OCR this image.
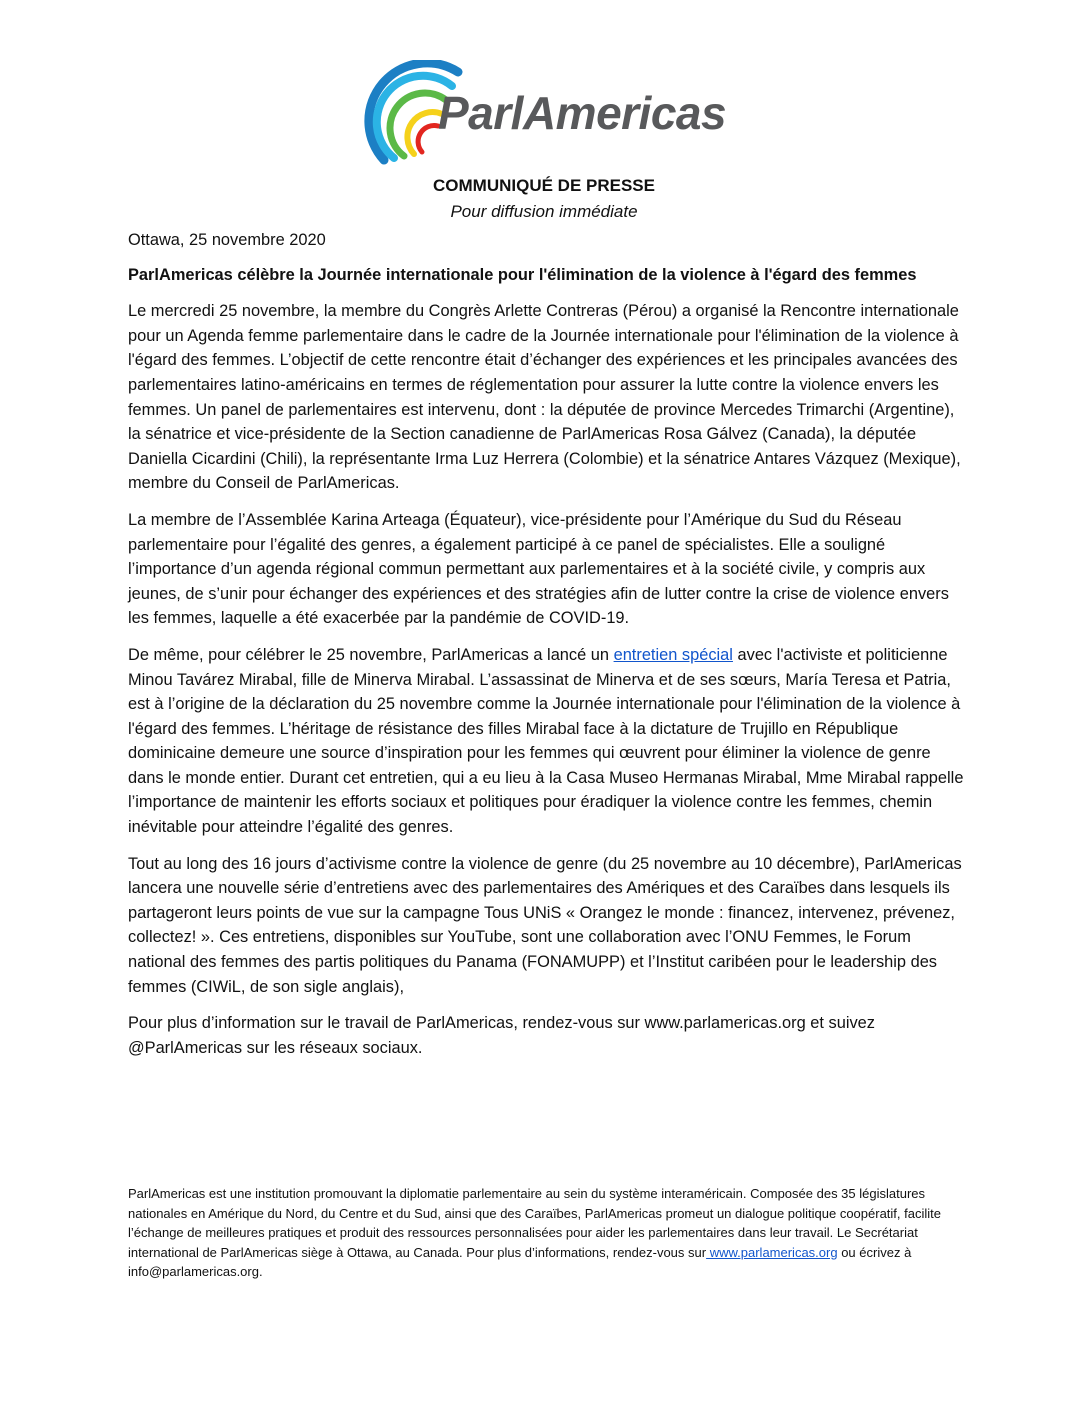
ParlAmericas
COMMUNIQUÉ DE PRESSE
Pour diffusion immédiate

Ottawa, 25 novembre 2020

ParlAmericas célèbre la Journée internationale pour l'élimination de la violence à l'égard des femmes

Le mercredi 25 novembre, la membre du Congrès Arlette Contreras (Pérou) a organisé la Rencontre internationale pour un Agenda femme parlementaire dans le cadre de la Journée internationale pour l'élimination de la violence à l'égard des femmes. L’objectif de cette rencontre était d’échanger des expériences et les principales avancées des parlementaires latino-américains en termes de réglementation pour assurer la lutte contre la violence envers les femmes. Un panel de parlementaires est intervenu, dont : la députée de province Mercedes Trimarchi (Argentine), la sénatrice et vice-présidente de la Section canadienne de ParlAmericas Rosa Gálvez (Canada), la députée Daniella Cicardini (Chili), la représentante Irma Luz Herrera (Colombie) et la sénatrice Antares Vázquez (Mexique), membre du Conseil de ParlAmericas.

La membre de l’Assemblée Karina Arteaga (Équateur), vice-présidente pour l’Amérique du Sud du Réseau parlementaire pour l’égalité des genres, a également participé à ce panel de spécialistes. Elle a souligné l’importance d’un agenda régional commun permettant aux parlementaires et à la société civile, y compris aux jeunes, de s’unir pour échanger des expériences et des stratégies afin de lutter contre la crise de violence envers les femmes, laquelle a été exacerbée par la pandémie de COVID-19.

De même, pour célébrer le 25 novembre, ParlAmericas a lancé un entretien spécial avec l'activiste et politicienne Minou Tavárez Mirabal, fille de Minerva Mirabal. L’assassinat de Minerva et de ses sœurs, María Teresa et Patria, est à l’origine de la déclaration du 25 novembre comme la Journée internationale pour l'élimination de la violence à l'égard des femmes. L’héritage de résistance des filles Mirabal face à la dictature de Trujillo en République dominicaine demeure une source d’inspiration pour les femmes qui œuvrent pour éliminer la violence de genre dans le monde entier. Durant cet entretien, qui a eu lieu à la Casa Museo Hermanas Mirabal, Mme Mirabal rappelle l’importance de maintenir les efforts sociaux et politiques pour éradiquer la violence contre les femmes, chemin inévitable pour atteindre l’égalité des genres.

Tout au long des 16 jours d’activisme contre la violence de genre (du 25 novembre au 10 décembre), ParlAmericas lancera une nouvelle série d’entretiens avec des parlementaires des Amériques et des Caraïbes dans lesquels ils partageront leurs points de vue sur la campagne Tous UNiS « Orangez le monde : financez, intervenez, prévenez, collectez! ». Ces entretiens, disponibles sur YouTube, sont une collaboration avec l’ONU Femmes, le Forum national des femmes des partis politiques du Panama (FONAMUPP) et l’Institut caribéen pour le leadership des femmes (CIWiL, de son sigle anglais),

Pour plus d’information sur le travail de ParlAmericas, rendez-vous sur www.parlamericas.org et suivez @ParlAmericas sur les réseaux sociaux.

ParlAmericas est une institution promouvant la diplomatie parlementaire au sein du système interaméricain. Composée des 35 législatures nationales en Amérique du Nord, du Centre et du Sud, ainsi que des Caraïbes, ParlAmericas promeut un dialogue politique coopératif, facilite l’échange de meilleures pratiques et produit des ressources personnalisées pour aider les parlementaires dans leur travail. Le Secrétariat international de ParlAmericas siège à Ottawa, au Canada. Pour plus d’informations, rendez-vous sur www.parlamericas.org ou écrivez à info@parlamericas.org.
